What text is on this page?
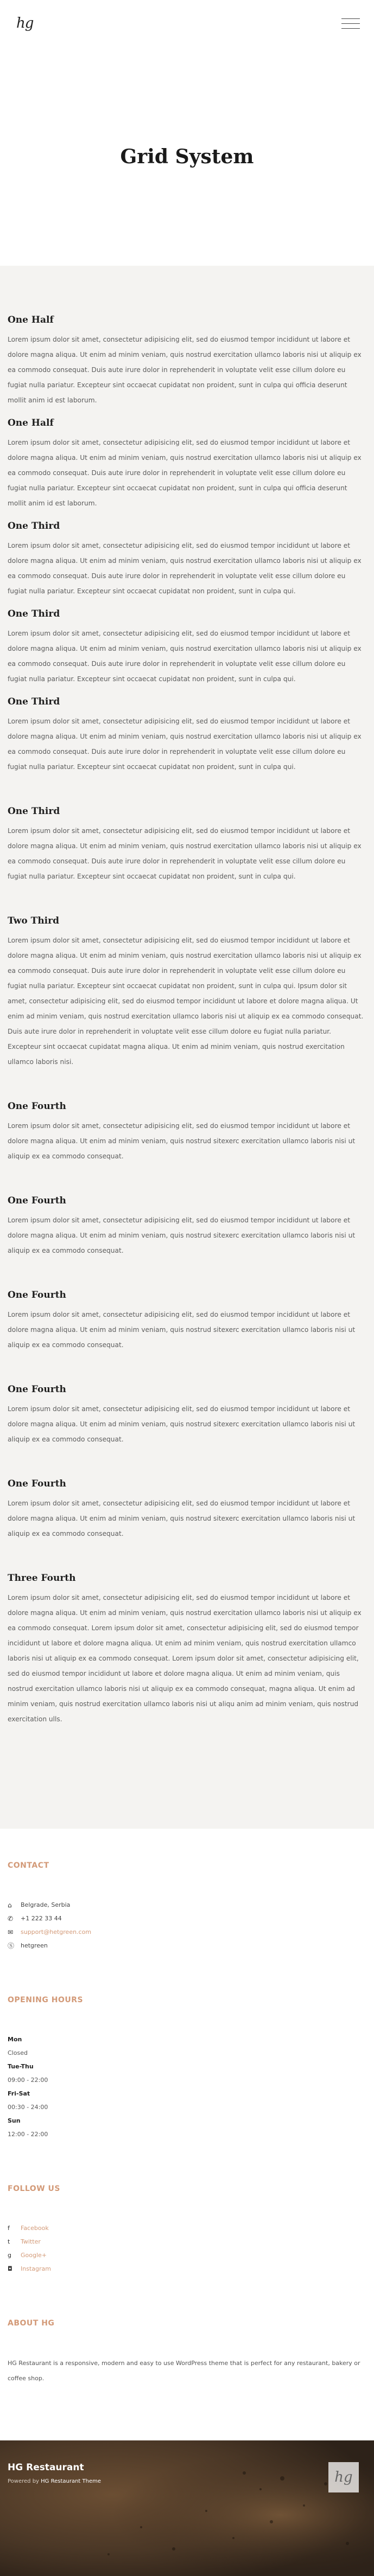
hg
Grid System
One Half

Lorem ipsum dolor sit amet, consectetur adipisicing elit, sed do eiusmod tempor incididunt ut labore et dolore magna aliqua. Ut enim ad minim veniam, quis nostrud exercitation ullamco laboris nisi ut aliquip ex ea commodo consequat. Duis aute irure dolor in reprehenderit in voluptate velit esse cillum dolore eu fugiat nulla pariatur. Excepteur sint occaecat cupidatat non proident, sunt in culpa qui officia deserunt mollit anim id est laborum.

One Half

Lorem ipsum dolor sit amet, consectetur adipisicing elit, sed do eiusmod tempor incididunt ut labore et dolore magna aliqua. Ut enim ad minim veniam, quis nostrud exercitation ullamco laboris nisi ut aliquip ex ea commodo consequat. Duis aute irure dolor in reprehenderit in voluptate velit esse cillum dolore eu fugiat nulla pariatur. Excepteur sint occaecat cupidatat non proident, sunt in culpa qui officia deserunt mollit anim id est laborum.

One Third

Lorem ipsum dolor sit amet, consectetur adipisicing elit, sed do eiusmod tempor incididunt ut labore et dolore magna aliqua. Ut enim ad minim veniam, quis nostrud exercitation ullamco laboris nisi ut aliquip ex ea commodo consequat. Duis aute irure dolor in reprehenderit in voluptate velit esse cillum dolore eu fugiat nulla pariatur. Excepteur sint occaecat cupidatat non proident, sunt in culpa qui.

One Third

Lorem ipsum dolor sit amet, consectetur adipisicing elit, sed do eiusmod tempor incididunt ut labore et dolore magna aliqua. Ut enim ad minim veniam, quis nostrud exercitation ullamco laboris nisi ut aliquip ex ea commodo consequat. Duis aute irure dolor in reprehenderit in voluptate velit esse cillum dolore eu fugiat nulla pariatur. Excepteur sint occaecat cupidatat non proident, sunt in culpa qui.

One Third

Lorem ipsum dolor sit amet, consectetur adipisicing elit, sed do eiusmod tempor incididunt ut labore et dolore magna aliqua. Ut enim ad minim veniam, quis nostrud exercitation ullamco laboris nisi ut aliquip ex ea commodo consequat. Duis aute irure dolor in reprehenderit in voluptate velit esse cillum dolore eu fugiat nulla pariatur. Excepteur sint occaecat cupidatat non proident, sunt in culpa qui.

One Third

Lorem ipsum dolor sit amet, consectetur adipisicing elit, sed do eiusmod tempor incididunt ut labore et dolore magna aliqua. Ut enim ad minim veniam, quis nostrud exercitation ullamco laboris nisi ut aliquip ex ea commodo consequat. Duis aute irure dolor in reprehenderit in voluptate velit esse cillum dolore eu fugiat nulla pariatur. Excepteur sint occaecat cupidatat non proident, sunt in culpa qui.

Two Third

Lorem ipsum dolor sit amet, consectetur adipisicing elit, sed do eiusmod tempor incididunt ut labore et dolore magna aliqua. Ut enim ad minim veniam, quis nostrud exercitation ullamco laboris nisi ut aliquip ex ea commodo consequat. Duis aute irure dolor in reprehenderit in voluptate velit esse cillum dolore eu fugiat nulla pariatur. Excepteur sint occaecat cupidatat non proident, sunt in culpa qui. Ipsum dolor sit amet, consectetur adipisicing elit, sed do eiusmod tempor incididunt ut labore et dolore magna aliqua. Ut enim ad minim veniam, quis nostrud exercitation ullamco laboris nisi ut aliquip ex ea commodo consequat. Duis aute irure dolor in reprehenderit in voluptate velit esse cillum dolore eu fugiat nulla pariatur. Excepteur sint occaecat cupidatat magna aliqua. Ut enim ad minim veniam, quis nostrud exercitation ullamco laboris nisi.

One Fourth

Lorem ipsum dolor sit amet, consectetur adipisicing elit, sed do eiusmod tempor incididunt ut labore et dolore magna aliqua. Ut enim ad minim veniam, quis nostrud sitexerc exercitation ullamco laboris nisi ut aliquip ex ea commodo consequat.

One Fourth

Lorem ipsum dolor sit amet, consectetur adipisicing elit, sed do eiusmod tempor incididunt ut labore et dolore magna aliqua. Ut enim ad minim veniam, quis nostrud sitexerc exercitation ullamco laboris nisi ut aliquip ex ea commodo consequat.

One Fourth

Lorem ipsum dolor sit amet, consectetur adipisicing elit, sed do eiusmod tempor incididunt ut labore et dolore magna aliqua. Ut enim ad minim veniam, quis nostrud sitexerc exercitation ullamco laboris nisi ut aliquip ex ea commodo consequat.

One Fourth

Lorem ipsum dolor sit amet, consectetur adipisicing elit, sed do eiusmod tempor incididunt ut labore et dolore magna aliqua. Ut enim ad minim veniam, quis nostrud sitexerc exercitation ullamco laboris nisi ut aliquip ex ea commodo consequat.

One Fourth

Lorem ipsum dolor sit amet, consectetur adipisicing elit, sed do eiusmod tempor incididunt ut labore et dolore magna aliqua. Ut enim ad minim veniam, quis nostrud sitexerc exercitation ullamco laboris nisi ut aliquip ex ea commodo consequat.

Three Fourth

Lorem ipsum dolor sit amet, consectetur adipisicing elit, sed do eiusmod tempor incididunt ut labore et dolore magna aliqua. Ut enim ad minim veniam, quis nostrud exercitation ullamco laboris nisi ut aliquip ex ea commodo consequat. Lorem ipsum dolor sit amet, consectetur adipisicing elit, sed do eiusmod tempor incididunt ut labore et dolore magna aliqua. Ut enim ad minim veniam, quis nostrud exercitation ullamco laboris nisi ut aliquip ex ea commodo consequat. Lorem ipsum dolor sit amet, consectetur adipisicing elit, sed do eiusmod tempor incididunt ut labore et dolore magna aliqua. Ut enim ad minim veniam, quis nostrud exercitation ullamco laboris nisi ut aliquip ex ea commodo consequat, magna aliqua. Ut enim ad minim veniam, quis nostrud exercitation ullamco laboris nisi ut aliqu anim ad minim veniam, quis nostrud exercitation ulls.

CONTACT
⌂	Belgrade, Serbia
✆	+1 222 33 44
✉	support@hetgreen.com
Ⓢ	hetgreen
OPENING HOURS
Mon
Closed
Tue-Thu
09:00 - 22:00
Fri-Sat
00:30 - 24:00
Sun
12:00 - 22:00
FOLLOW US
f	Facebook
t	Twitter
g	Google+
◘	Instagram
ABOUT HG

HG Restaurant is a responsive, modern and easy to use WordPress theme that is perfect for any restaurant, bakery or coffee shop.

HG Restaurant
Powered by HG Restaurant Theme	hg
